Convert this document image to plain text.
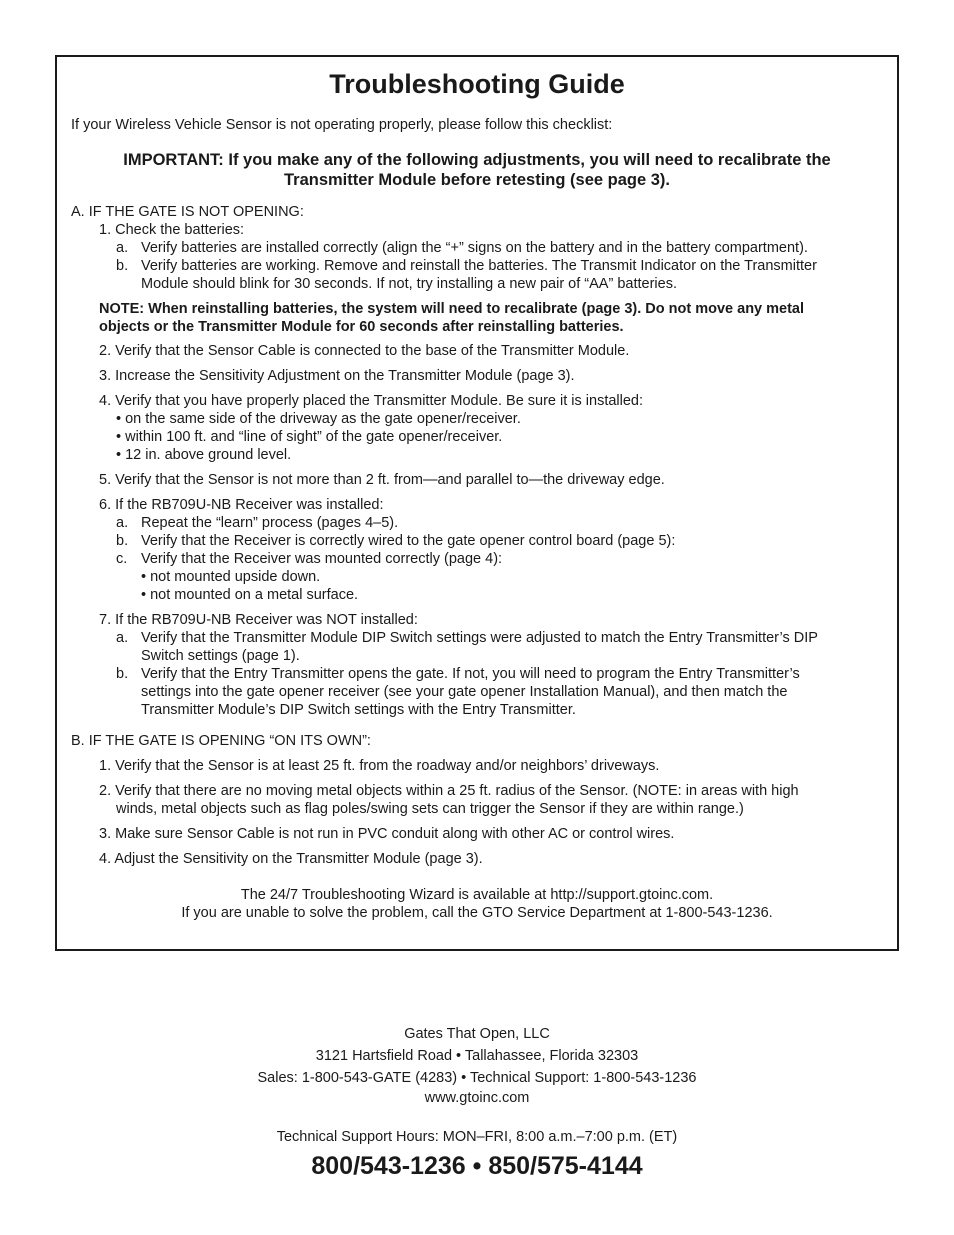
Troubleshooting Guide
If your Wireless Vehicle Sensor is not operating properly, please follow this checklist:
IMPORTANT: If you make any of the following adjustments, you will need to recalibrate the
Transmitter Module before retesting (see page 3).
A. IF THE GATE IS NOT OPENING:
1. Check the batteries:
a. Verify batteries are installed correctly (align the “+” signs on the battery and in the battery compartment).
b. Verify batteries are working. Remove and reinstall the batteries. The Transmit Indicator on the Transmitter
Module should blink for 30 seconds. If not, try installing a new pair of “AA” batteries.
NOTE: When reinstalling batteries, the system will need to recalibrate (page 3). Do not move any metal
objects or the Transmitter Module for 60 seconds after reinstalling batteries.
2. Verify that the Sensor Cable is connected to the base of the Transmitter Module.
3. Increase the Sensitivity Adjustment on the Transmitter Module (page 3).
4. Verify that you have properly placed the Transmitter Module. Be sure it is installed:
• on the same side of the driveway as the gate opener/receiver.
• within 100 ft. and “line of sight” of the gate opener/receiver.
• 12 in. above ground level.
5. Verify that the Sensor is not more than 2 ft. from—and parallel to—the driveway edge.
6. If the RB709U-NB Receiver was installed:
a. Repeat the “learn” process (pages 4–5).
b. Verify that the Receiver is correctly wired to the gate opener control board (page 5):
c. Verify that the Receiver was mounted correctly (page 4):
• not mounted upside down.
• not mounted on a metal surface.
7. If the RB709U-NB Receiver was NOT installed:
a. Verify that the Transmitter Module DIP Switch settings were adjusted to match the Entry Transmitter’s DIP
Switch settings (page 1).
b. Verify that the Entry Transmitter opens the gate. If not, you will need to program the Entry Transmitter’s
settings into the gate opener receiver (see your gate opener Installation Manual), and then match the
Transmitter Module’s DIP Switch settings with the Entry Transmitter.
B. IF THE GATE IS OPENING “ON ITS OWN”:
1. Verify that the Sensor is at least 25 ft. from the roadway and/or neighbors’ driveways.
2. Verify that there are no moving metal objects within a 25 ft. radius of the Sensor. (NOTE: in areas with high
winds, metal objects such as flag poles/swing sets can trigger the Sensor if they are within range.)
3. Make sure Sensor Cable is not run in PVC conduit along with other AC or control wires.
4. Adjust the Sensitivity on the Transmitter Module (page 3).
The 24/7 Troubleshooting Wizard is available at http://support.gtoinc.com.
If you are unable to solve the problem, call the GTO Service Department at 1-800-543-1236.
Gates That Open, LLC
3121 Hartsfield Road • Tallahassee, Florida 32303
Sales: 1-800-543-GATE (4283) • Technical Support: 1-800-543-1236
www.gtoinc.com
Technical Support Hours: MON–FRI, 8:00 a.m.–7:00 p.m. (ET)
800/543-1236 • 850/575-4144
